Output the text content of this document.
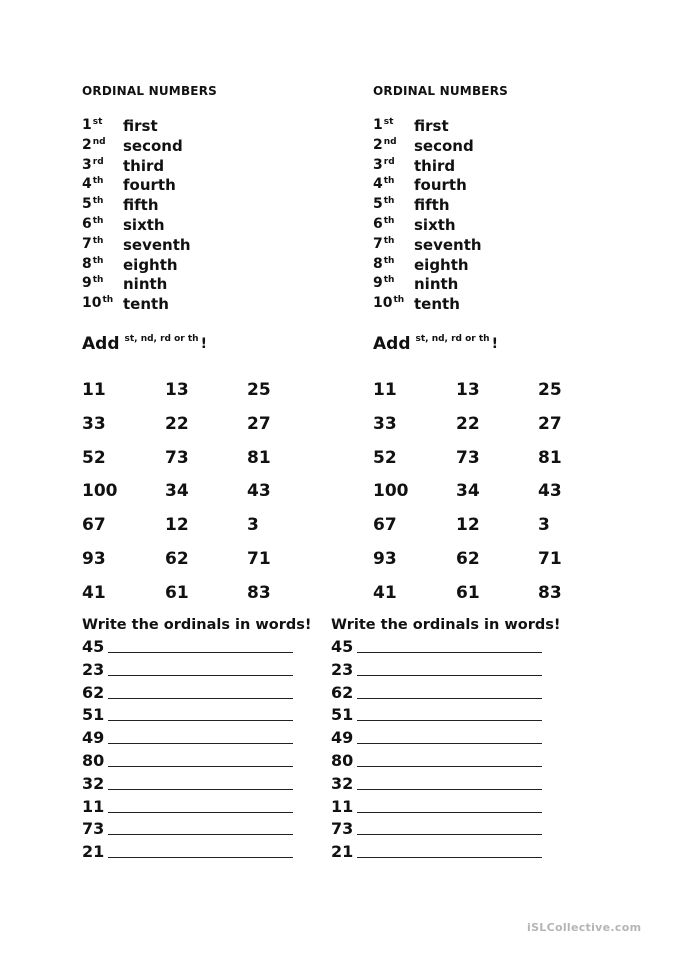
ORDINAL NUMBERS
1st first
2nd second
3rd third
4th fourth
5th fifth
6th sixth
7th seventh
8th eighth
9th ninth
10th tenth
Add $^{st, nd, rd or th}$ !
11	13	25
33	22	27
52	73	81
100	34	43
67	12	3
93	62	71
41	61	83
Write the ordinals in words!
45
23
62
51
49
80
32
11
73
21
ORDINAL NUMBERS
1st first
2nd second
3rd third
4th fourth
5th fifth
6th sixth
7th seventh
8th eighth
9th ninth
10th tenth
Add $^{st, nd, rd or th}$ !
11	13	25
33	22	27
52	73	81
100	34	43
67	12	3
93	62	71
41	61	83
Write the ordinals in words!
45
23
62
51
49
80
32
11
73
21
iSLCollective.com
